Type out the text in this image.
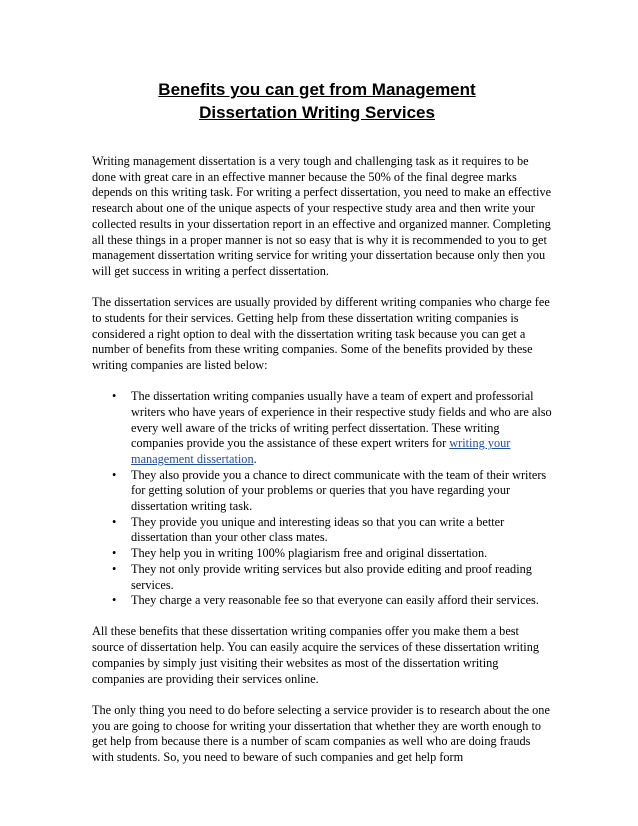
Benefits you can get from Management
Dissertation Writing Services

Writing management dissertation is a very tough and challenging task as it requires to be done with great care in an effective manner because the 50% of the final degree marks depends on this writing task. For writing a perfect dissertation, you need to make an effective research about one of the unique aspects of your respective study area and then write your collected results in your dissertation report in an effective and organized manner. Completing all these things in a proper manner is not so easy that is why it is recommended to you to get management dissertation writing service for writing your dissertation because only then you will get success in writing a perfect dissertation.

The dissertation services are usually provided by different writing companies who charge fee to students for their services. Getting help from these dissertation writing companies is considered a right option to deal with the dissertation writing task because you can get a number of benefits from these writing companies. Some of the benefits provided by these writing companies are listed below:

• The dissertation writing companies usually have a team of expert and professorial writers who have years of experience in their respective study fields and who are also every well aware of the tricks of writing perfect dissertation. These writing companies provide you the assistance of these expert writers for writing your management dissertation.
• They also provide you a chance to direct communicate with the team of their writers for getting solution of your problems or queries that you have regarding your dissertation writing task.
• They provide you unique and interesting ideas so that you can write a better dissertation than your other class mates.
• They help you in writing 100% plagiarism free and original dissertation.
• They not only provide writing services but also provide editing and proof reading services.
• They charge a very reasonable fee so that everyone can easily afford their services.

All these benefits that these dissertation writing companies offer you make them a best source of dissertation help. You can easily acquire the services of these dissertation writing companies by simply just visiting their websites as most of the dissertation writing companies are providing their services online.

The only thing you need to do before selecting a service provider is to research about the one you are going to choose for writing your dissertation that whether they are worth enough to get help from because there is a number of scam companies as well who are doing frauds with students. So, you need to beware of such companies and get help form
